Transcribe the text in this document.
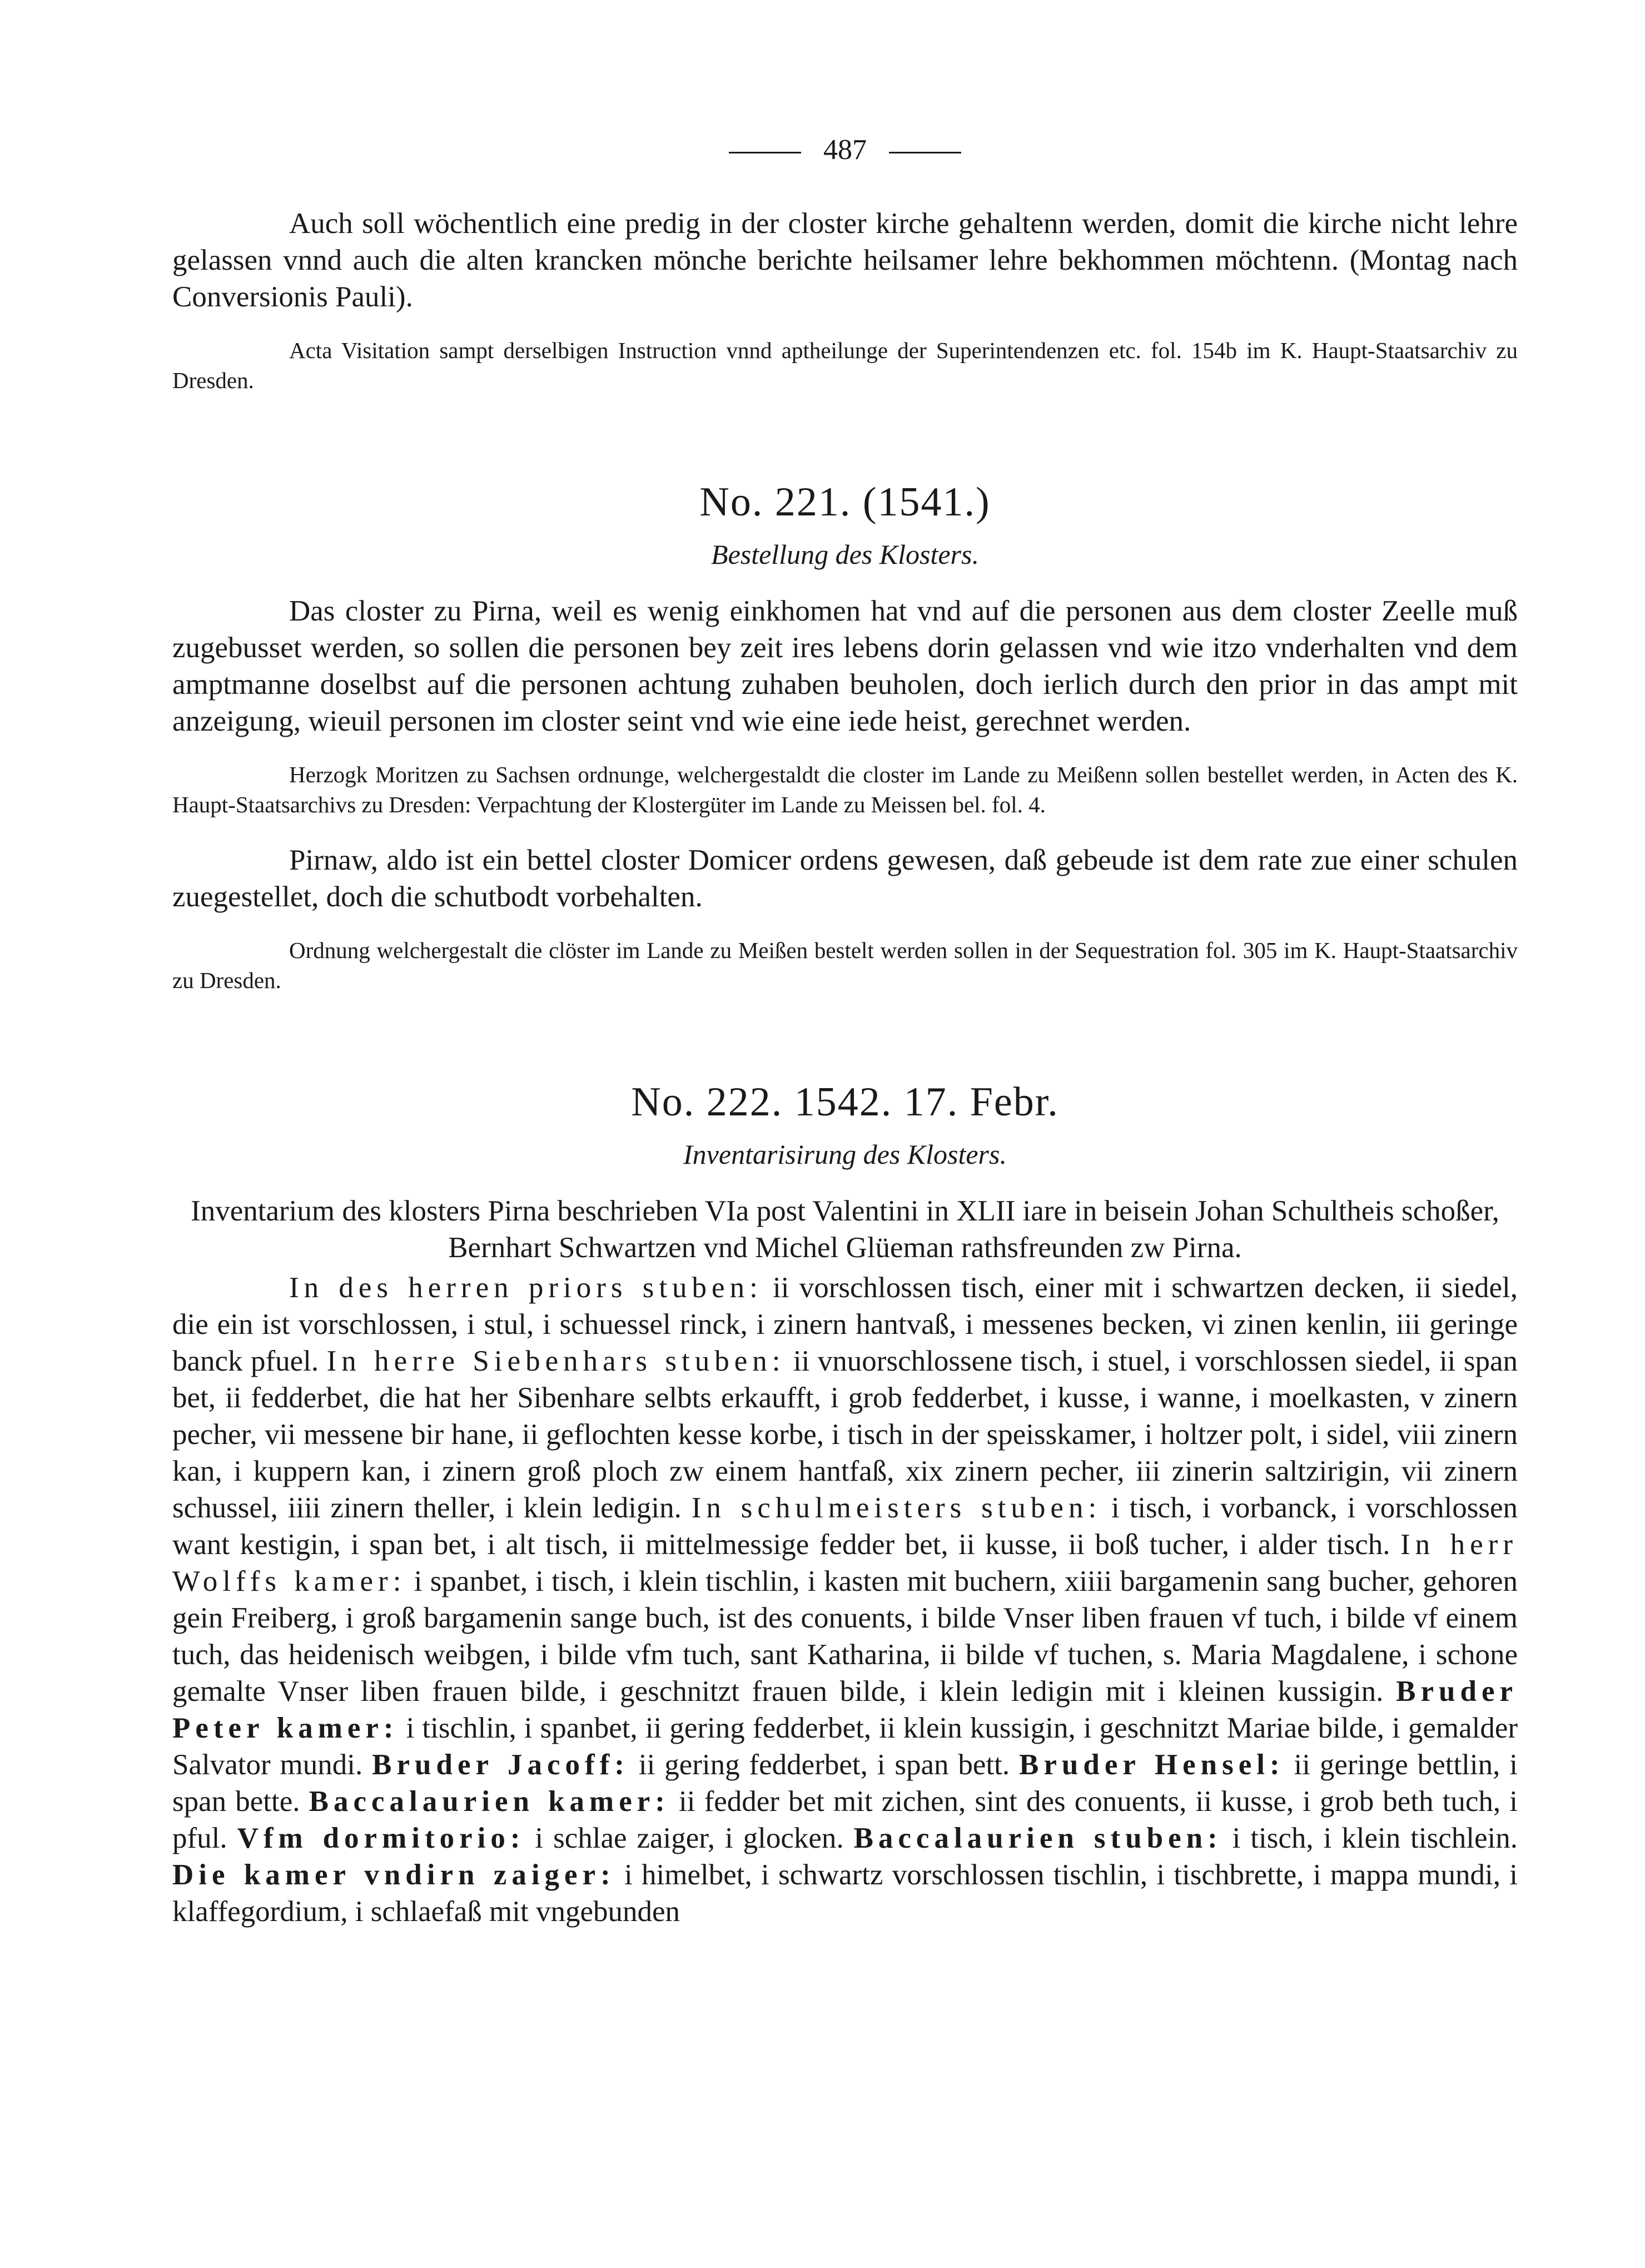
487

Auch soll wöchentlich eine predig in der closter kirche gehaltenn werden, domit die kirche nicht lehre gelassen vnnd auch die alten krancken mönche berichte heilsamer lehre bekhommen möchtenn. (Montag nach Conversionis Pauli).

Acta Visitation sampt derselbigen Instruction vnnd aptheilunge der Superintendenzen etc. fol. 154b im K. Haupt-Staatsarchiv zu Dresden.

No. 221. (1541.)
Bestellung des Klosters.

Das closter zu Pirna, weil es wenig einkhomen hat vnd auf die personen aus dem closter Zeelle muß zugebusset werden, so sollen die personen bey zeit ires lebens dorin gelassen vnd wie itzo vnderhalten vnd dem amptmanne doselbst auf die personen achtung zuhaben beuholen, doch ierlich durch den prior in das ampt mit anzeigung, wieuil personen im closter seint vnd wie eine iede heist, gerechnet werden.

Herzogk Moritzen zu Sachsen ordnunge, welchergestaldt die closter im Lande zu Meißenn sollen bestellet werden, in Acten des K. Haupt-Staatsarchivs zu Dresden: Verpachtung der Klostergüter im Lande zu Meissen bel. fol. 4.

Pirnaw, aldo ist ein bettel closter Domicer ordens gewesen, daß gebeude ist dem rate zue einer schulen zuegestellet, doch die schutbodt vorbehalten.

Ordnung welchergestalt die clöster im Lande zu Meißen bestelt werden sollen in der Sequestration fol. 305 im K. Haupt-Staatsarchiv zu Dresden.

No. 222. 1542. 17. Febr.
Inventarisirung des Klosters.

Inventarium des klosters Pirna beschrieben VIa post Valentini in XLII iare in beisein Johan Schultheis schoßer, Bernhart Schwartzen vnd Michel Glüeman rathsfreunden zw Pirna.

In des herren priors stuben: ii vorschlossen tisch, einer mit i schwartzen decken, ii siedel, die ein ist vorschlossen, i stul, i schuessel rinck, i zinern hantvaß, i messenes becken, vi zinen kenlin, iii geringe banck pfuel. In herre Siebenhars stuben: ii vnuorschlossene tisch, i stuel, i vorschlossen siedel, ii span bet, ii fedderbet, die hat her Sibenhare selbts erkaufft, i grob fedderbet, i kusse, i wanne, i moelkasten, v zinern pecher, vii messene bir hane, ii geflochten kesse korbe, i tisch in der speisskamer, i holtzer polt, i sidel, viii zinern kan, i kuppern kan, i zinern groß ploch zw einem hantfaß, xix zinern pecher, iii zinerin saltzirigin, vii zinern schussel, iiii zinern theller, i klein ledigin. In schulmeisters stuben: i tisch, i vorbanck, i vorschlossen want kestigin, i span bet, i alt tisch, ii mittelmessige fedder bet, ii kusse, ii boß tucher, i alder tisch. In herr Wolffs kamer: i spanbet, i tisch, i klein tischlin, i kasten mit buchern, xiiii bargamenin sang bucher, gehoren gein Freiberg, i groß bargamenin sange buch, ist des conuents, i bilde Vnser liben frauen vf tuch, i bilde vf einem tuch, das heidenisch weibgen, i bilde vfm tuch, sant Katharina, ii bilde vf tuchen, s. Maria Magdalene, i schone gemalte Vnser liben frauen bilde, i geschnitzt frauen bilde, i klein ledigin mit i kleinen kussigin. Bruder Peter kamer: i tischlin, i spanbet, ii gering fedderbet, ii klein kussigin, i geschnitzt Mariae bilde, i gemalder Salvator mundi. Bruder Jacoff: ii gering fedderbet, i span bett. Bruder Hensel: ii geringe bettlin, i span bette. Baccalaurien kamer: ii fedder bet mit zichen, sint des conuents, ii kusse, i grob beth tuch, i pful. Vfm dormitorio: i schlae zaiger, i glocken. Baccalaurien stuben: i tisch, i klein tischlein. Die kamer vndirn zaiger: i himelbet, i schwartz vorschlossen tischlin, i tischbrette, i mappa mundi, i klaffegordium, i schlaefaß mit vngebunden
